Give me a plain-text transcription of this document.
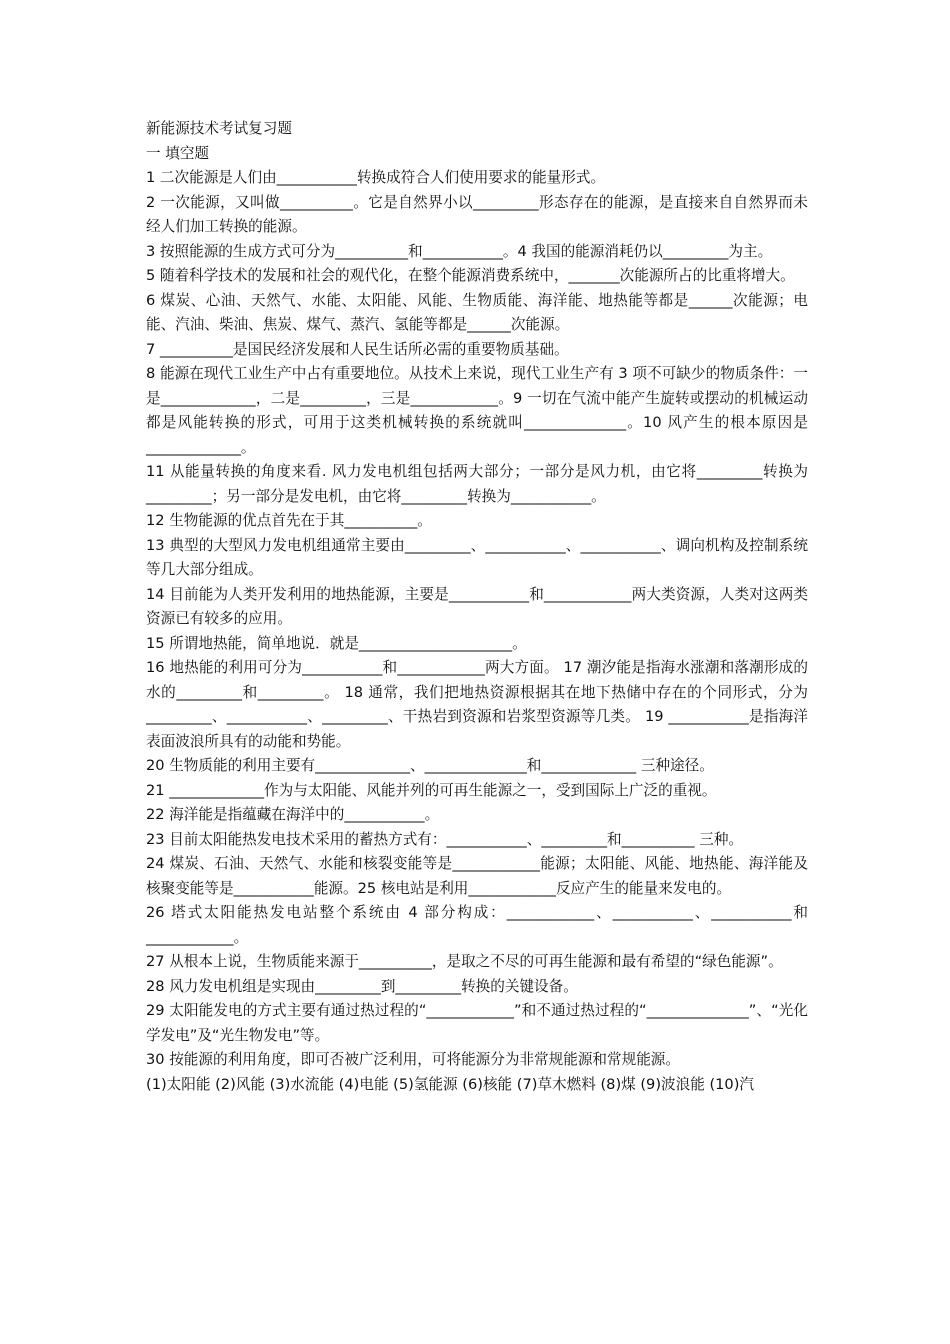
新能源技术考试复习题

一 填空题

1 二次能源是人们由___________转换成符合人们使用要求的能量形式。

2 一次能源，又叫做__________。它是自然界小以_________形态存在的能源，是直接来自自然界而未经人们加工转换的能源。

3 按照能源的生成方式可分为__________和___________。4 我国的能源消耗仍以_________为主。

5 随着科学技术的发展和社会的观代化，在整个能源消费系统中，_______次能源所占的比重将增大。

6 煤炭、心油、天然气、水能、太阳能、风能、生物质能、海洋能、地热能等都是______次能源；电能、汽油、柴油、焦炭、煤气、蒸汽、氢能等都是______次能源。

7 __________是国民经济发展和人民生话所必需的重要物质基础。

8 能源在现代工业生产中占有重要地位。从技术上来说，现代工业生产有 3 项不可缺少的物质条件：一是_____________，二是_________，三是____________。9 一切在气流中能产生旋转或摆动的机械运动都是风能转换的形式，可用于这类机械转换的系统就叫______________。10 风产生的根本原因是_____________。

11 从能量转换的角度来看. 风力发电机组包括两大部分；一部分是风力机，由它将_________转换为_________；另一部分是发电机，由它将_________转换为___________。

12 生物能源的优点首先在于其__________。

13 典型的大型风力发电机组通常主要由_________、___________、___________、调向机构及控制系统等几大部分组成。

14 目前能为人类开发利用的地热能源，主要是___________和____________两大类资源，人类对这两类资源已有较多的应用。

15 所谓地热能，简单地说．就是_____________________。

16 地热能的利用可分为___________和____________两大方面。 17 潮汐能是指海水涨潮和落潮形成的水的_________和_________。 18 通常，我们把地热资源根据其在地下热储中存在的个同形式，分为_________、___________、_________、干热岩到资源和岩浆型资源等几类。 19 ___________是指海洋表面波浪所具有的动能和势能。

20 生物质能的利用主要有_____________、______________和_____________ 三种途径。

21 _____________作为与太阳能、风能并列的可再生能源之一，受到国际上广泛的重视。

22 海洋能是指蕴藏在海洋中的___________。

23 目前太阳能热发电技术采用的蓄热方式有：___________、_________和__________ 三种。

24 煤炭、石油、天然气、水能和核裂变能等是____________能源；太阳能、风能、地热能、海洋能及核聚变能等是___________能源。25 核电站是利用____________反应产生的能量来发电的。

26 塔式太阳能热发电站整个系统由 4 部分构成：____________、___________、___________和____________。

27 从根本上说，生物质能来源于__________，是取之不尽的可再生能源和最有希望的“绿色能源”。

28 风力发电机组是实现由_________到_________转换的关键设备。

29 太阳能发电的方式主要有通过热过程的“____________”和不通过热过程的“______________”、“光化学发电”及“光生物发电”等。

30 按能源的利用角度，即可否被广泛利用，可将能源分为非常规能源和常规能源。

(1)太阳能 (2)风能 (3)水流能 (4)电能 (5)氢能源 (6)核能 (7)草木燃料 (8)煤 (9)波浪能 (10)汽
